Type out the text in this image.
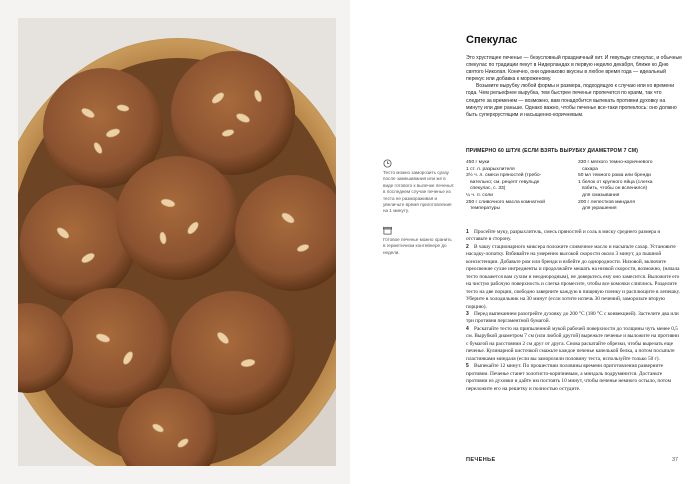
Спекулас

Это хрустящее печенье — безусловный праздничный хит. И гевульде спекулас, и обычные спекулас по традиции пекут в Нидерландах в первую неделю декабря, ближе ко Дню святого Николая. Конечно, они одинаково вкусны в любое время года — идеальный перекус или добавка к мороженому.

Возьмите вырубку любой формы и размера, подходящую к случаю или ко времени года. Чем рельефнее вырубка, тем быстрее печенье пропечется по краям, так что следите за временем — возможно, вам понадобится выпекать противни духовку на минуту или две раньше. Однако важно, чтобы печенье все-таки пропеклось: оно должно быть суперхрустящим и насыщенно-коричневым.

ПРИМЕРНО 60 ШТУК (ЕСЛИ ВЗЯТЬ ВЫРУБКУ ДИАМЕТРОМ 7 СМ)
Тесто можно заморозить сразу после замешивания или же в виде готового к выпечке печенья: в последнем случае печенье из теста не размораживая и увеличьте время приготовления на 1 минуту.
Готовое печенье можно хранить в герметичном контейнере до недели.
450 г муки
1 ст. л. разрыхлителя
3½ ч. л. смеси пряностей (требо-
вательно; см. рецепт гевульде
спекулас, с. 33)
¼ ч. л. соли
250 г сливочного масла комнатной
температуры
330 г мягкого темно-коричневого
сахара
50 мл темного рома или бренди
1 белок от крупного яйца (слегка
взбить, чтобы он вспенился)
для смазывания
200 г лепестков миндаля
для украшения

1 Просейте муку, разрыхлитель, смесь пряностей и соль в миску среднего размера и отставьте в сторону.

2 В чашу стационарного миксера положите сливочное масло и насыпьте сахар. Установите насадку-лопатку. Взбивайте на умеренно высокой скорости около 3 минут, до пышной консистенции. Добавьте ром или бренди и взбейте до однородности. Низовой, включите преосвежие сухие ингредиенты и продолжайте мешать на низкой скорости, возможно, (начала тесто покажется вам сухим и неоднородным), не доверьтесь ему оно замесится. Выложите его на чистую рабочую поверхность и слегка промесите, чтобы все комочки слиплись. Разделите тесто на две порции, свободно заверните каждую в пищевую пленку и расплющите в лепешку. Уберите в холодильник на 30 минут (если хотите испечь 30 печений, заморозьте вторую порцию).

3 Перед выпеканием разогрейте духовку до 200 °С (180 °С с конвекцией). Застелите два или три противня пергаментной бумагой.

4 Раскатайте тесто на припыленной мукой рабочей поверхности до толщины чуть менее 0,5 см. Вырубкой диаметром 7 см (или любой другой) вырежьте печенье и выложите на противни с бумагой на расстоянии 2 см друг от друга. Снова раскатайте обрезки, чтобы вырезать еще печенье. Кулинарной кисточкой смажьте каждое печенье капелькой белка, а потом посыпьте пластинками миндаля (если вы заморозили половину теста, используйте только 50 г).

5 Выпекайте 12 минут. По прошествии половины времени приготовления разверните противни. Печенье станет золотисто-коричневым, а миндаль подрумянится. Достаньте противни из духовки и дайте им постоять 10 минут, чтобы печенье немного остыло, потом переложите его на решетку и полностью остудите.

ПЕЧЕНЬЕ	37
